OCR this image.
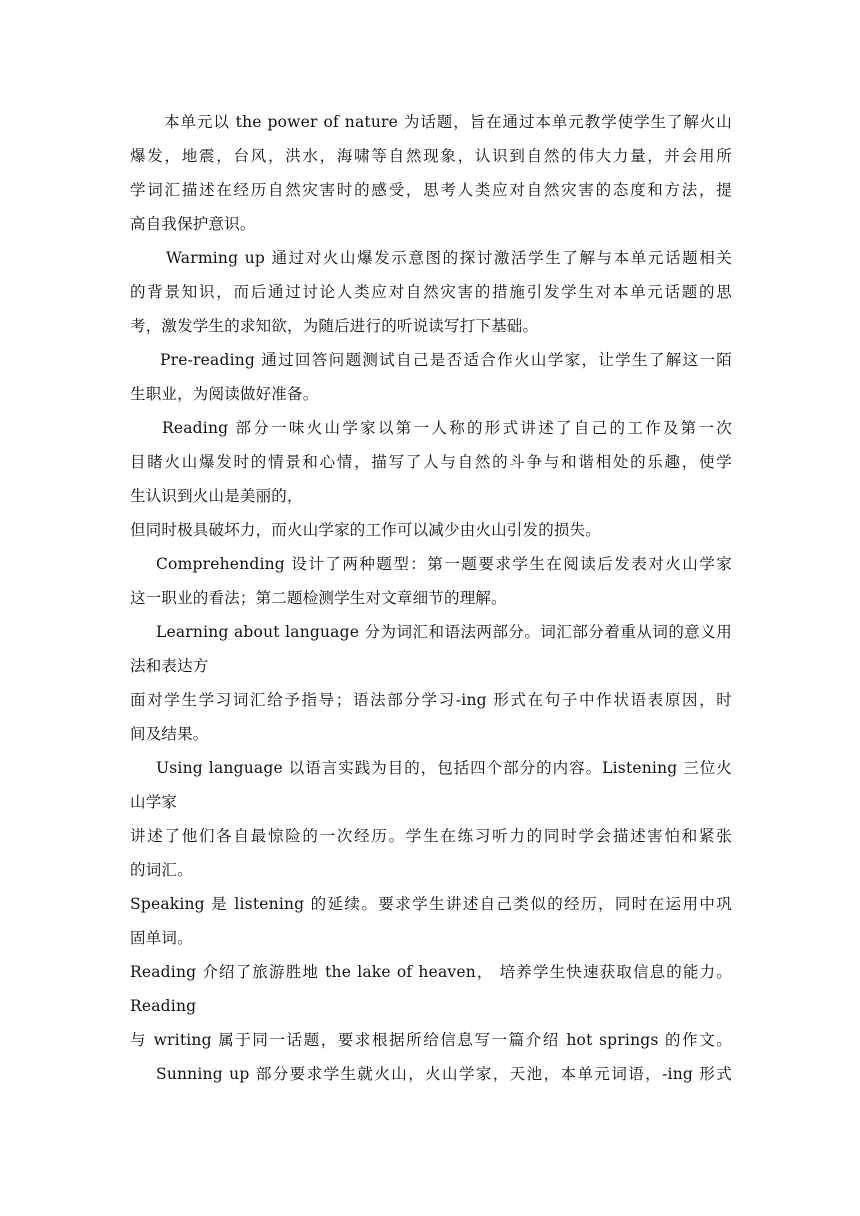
本单元以 the power of nature 为话题，旨在通过本单元教学使学生了解火山
爆发，地震，台风，洪水，海啸等自然现象，认识到自然的伟大力量，并会用所
学词汇描述在经历自然灾害时的感受，思考人类应对自然灾害的态度和方法，提
高自我保护意识。
Warming up 通过对火山爆发示意图的探讨激活学生了解与本单元话题相关
的背景知识，而后通过讨论人类应对自然灾害的措施引发学生对本单元话题的思
考，激发学生的求知欲，为随后进行的听说读写打下基础。
Pre-reading 通过回答问题测试自己是否适合作火山学家，让学生了解这一陌
生职业，为阅读做好准备。
Reading 部分一味火山学家以第一人称的形式讲述了自己的工作及第一次
目睹火山爆发时的情景和心情，描写了人与自然的斗争与和谐相处的乐趣，使学
生认识到火山是美丽的，
但同时极具破坏力，而火山学家的工作可以减少由火山引发的损失。
Comprehending 设计了两种题型：第一题要求学生在阅读后发表对火山学家
这一职业的看法；第二题检测学生对文章细节的理解。
Learning about language 分为词汇和语法两部分。词汇部分着重从词的意义用
法和表达方
面对学生学习词汇给予指导；语法部分学习-ing 形式在句子中作状语表原因，时
间及结果。
Using language 以语言实践为目的，包括四个部分的内容。Listening 三位火
山学家
讲述了他们各自最惊险的一次经历。学生在练习听力的同时学会描述害怕和紧张
的词汇。
Speaking 是 listening 的延续。要求学生讲述自己类似的经历，同时在运用中巩
固单词。
Reading 介绍了旅游胜地 the lake of heaven， 培养学生快速获取信息的能力。
Reading
与 writing 属于同一话题，要求根据所给信息写一篇介绍 hot springs 的作文。
Sunning up 部分要求学生就火山，火山学家，天池，本单元词语，-ing 形式
